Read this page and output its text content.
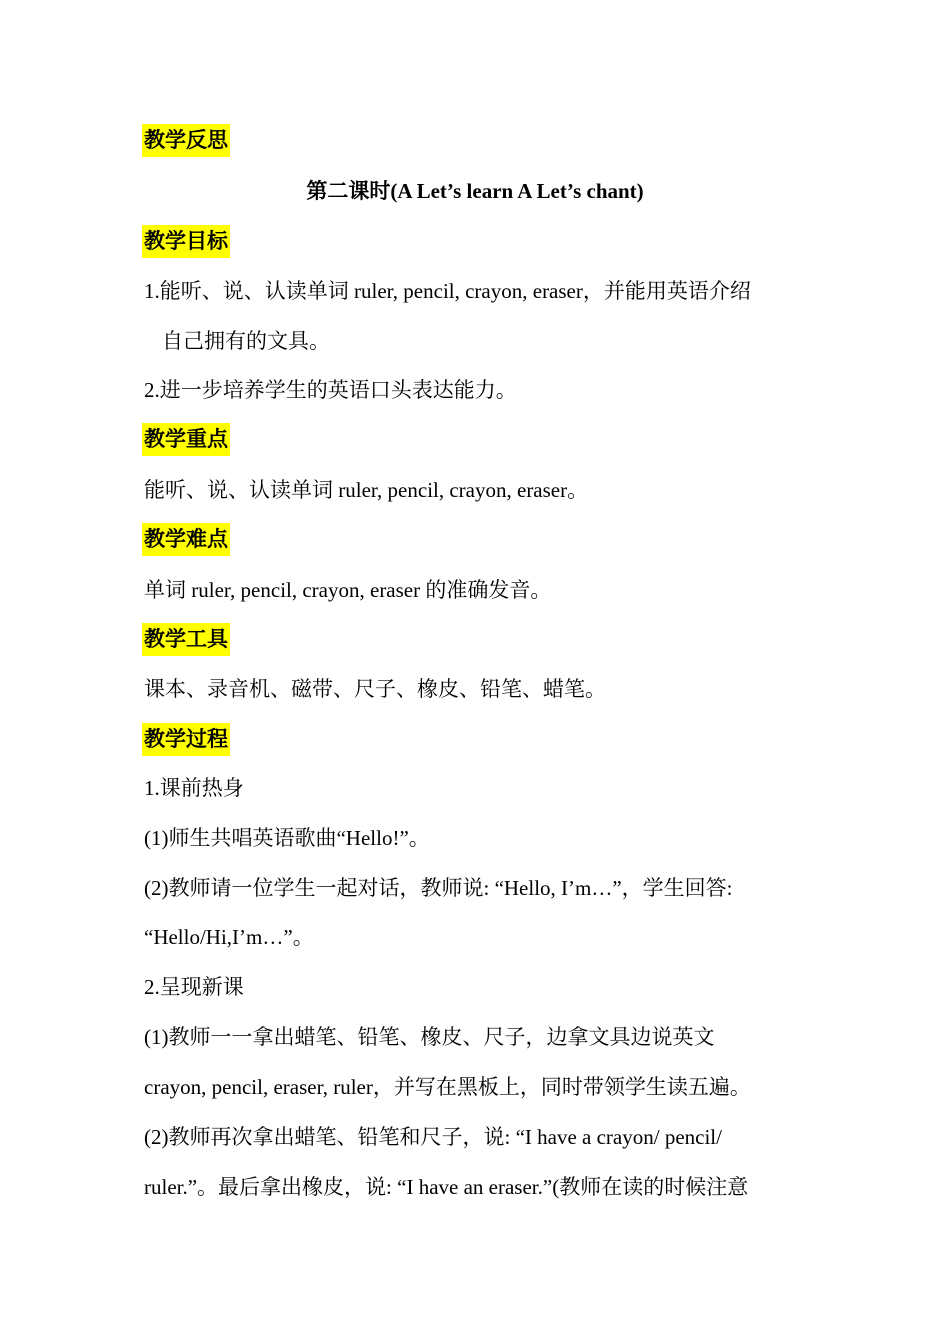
教学反思
第二课时(A Let’s learn A Let’s chant)
教学目标
1.能听、说、认读单词 ruler, pencil, crayon, eraser，并能用英语介绍
自己拥有的文具。
2.进一步培养学生的英语口头表达能力。
教学重点
能听、说、认读单词 ruler, pencil, crayon, eraser。
教学难点
单词 ruler, pencil, crayon, eraser 的准确发音。
教学工具
课本、录音机、磁带、尺子、橡皮、铅笔、蜡笔。
教学过程
1.课前热身
(1)师生共唱英语歌曲“Hello!”。
(2)教师请一位学生一起对话，教师说: “Hello, I’m…”，学生回答:
“Hello/Hi,I’m…”。
2.呈现新课
(1)教师一一拿出蜡笔、铅笔、橡皮、尺子，边拿文具边说英文
crayon, pencil, eraser, ruler，并写在黑板上，同时带领学生读五遍。
(2)教师再次拿出蜡笔、铅笔和尺子，说: “I have a crayon/ pencil/
ruler.”。最后拿出橡皮，说: “I have an eraser.”(教师在读的时候注意
